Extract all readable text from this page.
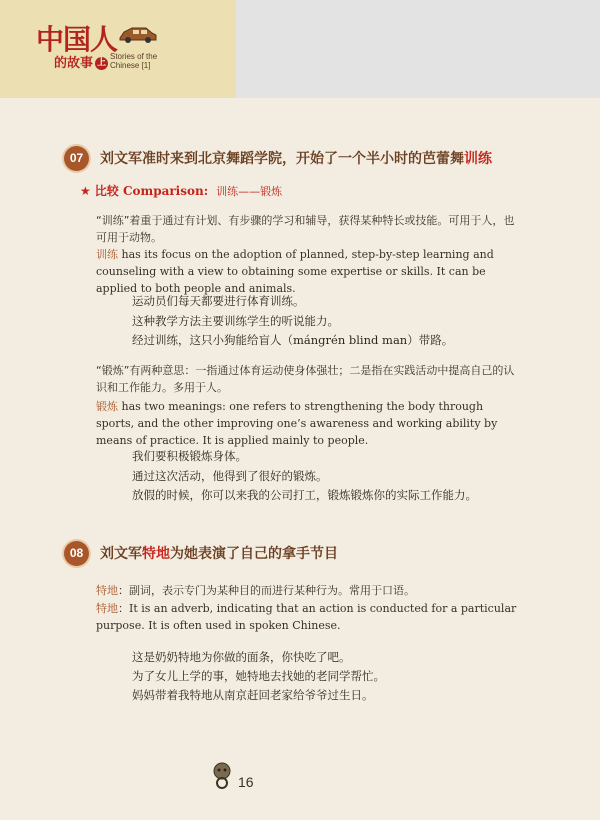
中国人
的故事 上
Stories of the
Chinese [1]
07	刘文军准时来到北京舞蹈学院，开始了一个半小时的芭蕾舞训练
★ 比较 Comparison: 训练——锻炼
“训练”着重于通过有计划、有步骤的学习和辅导，获得某种特长或技能。可用于人，也可用于动物。
训练 has its focus on the adoption of planned, step-by-step learning and counseling with a view to obtaining some expertise or skills. It can be applied to both people and animals.
运动员们每天都要进行体育训练。
这种教学方法主要训练学生的听说能力。
经过训练，这只小狗能给盲人（mángrén blind man）带路。
“锻炼”有两种意思：一指通过体育运动使身体强壮；二是指在实践活动中提高自己的认识和工作能力。多用于人。
锻炼 has two meanings: one refers to strengthening the body through sports, and the other improving one’s awareness and working ability by means of practice. It is applied mainly to people.
我们要积极锻炼身体。
通过这次活动，他得到了很好的锻炼。
放假的时候，你可以来我的公司打工，锻炼锻炼你的实际工作能力。
08	刘文军特地为她表演了自己的拿手节目
特地：副词，表示专门为某种目的而进行某种行为。常用于口语。
特地：It is an adverb, indicating that an action is conducted for a particular purpose. It is often used in spoken Chinese.
这是奶奶特地为你做的面条，你快吃了吧。
为了女儿上学的事，她特地去找她的老同学帮忙。
妈妈带着我特地从南京赶回老家给爷爷过生日。
16
